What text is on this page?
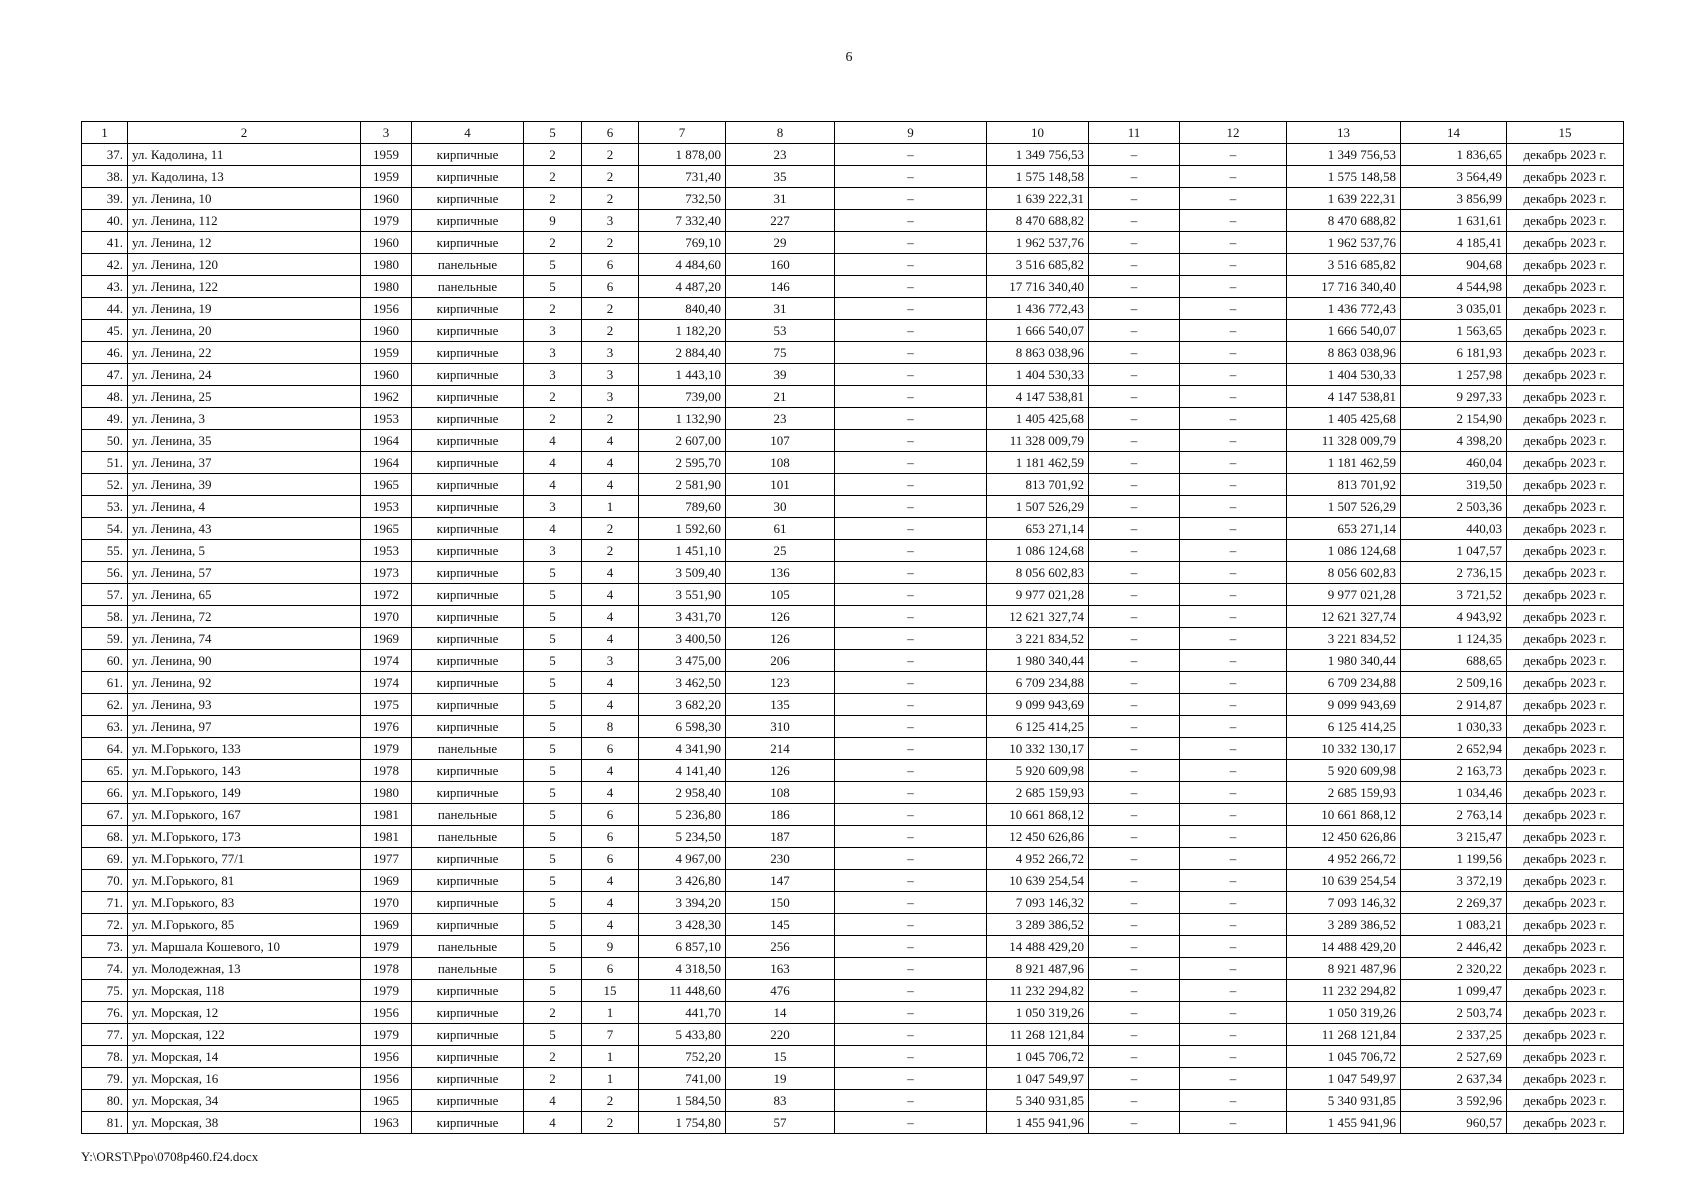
6
1	2	3	4	5	6	7	8	9	10	11	12	13	14	15
37.	ул. Кадолина, 11	1959	кирпичные	2	2	1 878,00	23	–	1 349 756,53	–	–	1 349 756,53	1 836,65	декабрь 2023 г.
38.	ул. Кадолина, 13	1959	кирпичные	2	2	731,40	35	–	1 575 148,58	–	–	1 575 148,58	3 564,49	декабрь 2023 г.
39.	ул. Ленина, 10	1960	кирпичные	2	2	732,50	31	–	1 639 222,31	–	–	1 639 222,31	3 856,99	декабрь 2023 г.
40.	ул. Ленина, 112	1979	кирпичные	9	3	7 332,40	227	–	8 470 688,82	–	–	8 470 688,82	1 631,61	декабрь 2023 г.
41.	ул. Ленина, 12	1960	кирпичные	2	2	769,10	29	–	1 962 537,76	–	–	1 962 537,76	4 185,41	декабрь 2023 г.
42.	ул. Ленина, 120	1980	панельные	5	6	4 484,60	160	–	3 516 685,82	–	–	3 516 685,82	904,68	декабрь 2023 г.
43.	ул. Ленина, 122	1980	панельные	5	6	4 487,20	146	–	17 716 340,40	–	–	17 716 340,40	4 544,98	декабрь 2023 г.
44.	ул. Ленина, 19	1956	кирпичные	2	2	840,40	31	–	1 436 772,43	–	–	1 436 772,43	3 035,01	декабрь 2023 г.
45.	ул. Ленина, 20	1960	кирпичные	3	2	1 182,20	53	–	1 666 540,07	–	–	1 666 540,07	1 563,65	декабрь 2023 г.
46.	ул. Ленина, 22	1959	кирпичные	3	3	2 884,40	75	–	8 863 038,96	–	–	8 863 038,96	6 181,93	декабрь 2023 г.
47.	ул. Ленина, 24	1960	кирпичные	3	3	1 443,10	39	–	1 404 530,33	–	–	1 404 530,33	1 257,98	декабрь 2023 г.
48.	ул. Ленина, 25	1962	кирпичные	2	3	739,00	21	–	4 147 538,81	–	–	4 147 538,81	9 297,33	декабрь 2023 г.
49.	ул. Ленина, 3	1953	кирпичные	2	2	1 132,90	23	–	1 405 425,68	–	–	1 405 425,68	2 154,90	декабрь 2023 г.
50.	ул. Ленина, 35	1964	кирпичные	4	4	2 607,00	107	–	11 328 009,79	–	–	11 328 009,79	4 398,20	декабрь 2023 г.
51.	ул. Ленина, 37	1964	кирпичные	4	4	2 595,70	108	–	1 181 462,59	–	–	1 181 462,59	460,04	декабрь 2023 г.
52.	ул. Ленина, 39	1965	кирпичные	4	4	2 581,90	101	–	813 701,92	–	–	813 701,92	319,50	декабрь 2023 г.
53.	ул. Ленина, 4	1953	кирпичные	3	1	789,60	30	–	1 507 526,29	–	–	1 507 526,29	2 503,36	декабрь 2023 г.
54.	ул. Ленина, 43	1965	кирпичные	4	2	1 592,60	61	–	653 271,14	–	–	653 271,14	440,03	декабрь 2023 г.
55.	ул. Ленина, 5	1953	кирпичные	3	2	1 451,10	25	–	1 086 124,68	–	–	1 086 124,68	1 047,57	декабрь 2023 г.
56.	ул. Ленина, 57	1973	кирпичные	5	4	3 509,40	136	–	8 056 602,83	–	–	8 056 602,83	2 736,15	декабрь 2023 г.
57.	ул. Ленина, 65	1972	кирпичные	5	4	3 551,90	105	–	9 977 021,28	–	–	9 977 021,28	3 721,52	декабрь 2023 г.
58.	ул. Ленина, 72	1970	кирпичные	5	4	3 431,70	126	–	12 621 327,74	–	–	12 621 327,74	4 943,92	декабрь 2023 г.
59.	ул. Ленина, 74	1969	кирпичные	5	4	3 400,50	126	–	3 221 834,52	–	–	3 221 834,52	1 124,35	декабрь 2023 г.
60.	ул. Ленина, 90	1974	кирпичные	5	3	3 475,00	206	–	1 980 340,44	–	–	1 980 340,44	688,65	декабрь 2023 г.
61.	ул. Ленина, 92	1974	кирпичные	5	4	3 462,50	123	–	6 709 234,88	–	–	6 709 234,88	2 509,16	декабрь 2023 г.
62.	ул. Ленина, 93	1975	кирпичные	5	4	3 682,20	135	–	9 099 943,69	–	–	9 099 943,69	2 914,87	декабрь 2023 г.
63.	ул. Ленина, 97	1976	кирпичные	5	8	6 598,30	310	–	6 125 414,25	–	–	6 125 414,25	1 030,33	декабрь 2023 г.
64.	ул. М.Горького, 133	1979	панельные	5	6	4 341,90	214	–	10 332 130,17	–	–	10 332 130,17	2 652,94	декабрь 2023 г.
65.	ул. М.Горького, 143	1978	кирпичные	5	4	4 141,40	126	–	5 920 609,98	–	–	5 920 609,98	2 163,73	декабрь 2023 г.
66.	ул. М.Горького, 149	1980	кирпичные	5	4	2 958,40	108	–	2 685 159,93	–	–	2 685 159,93	1 034,46	декабрь 2023 г.
67.	ул. М.Горького, 167	1981	панельные	5	6	5 236,80	186	–	10 661 868,12	–	–	10 661 868,12	2 763,14	декабрь 2023 г.
68.	ул. М.Горького, 173	1981	панельные	5	6	5 234,50	187	–	12 450 626,86	–	–	12 450 626,86	3 215,47	декабрь 2023 г.
69.	ул. М.Горького, 77/1	1977	кирпичные	5	6	4 967,00	230	–	4 952 266,72	–	–	4 952 266,72	1 199,56	декабрь 2023 г.
70.	ул. М.Горького, 81	1969	кирпичные	5	4	3 426,80	147	–	10 639 254,54	–	–	10 639 254,54	3 372,19	декабрь 2023 г.
71.	ул. М.Горького, 83	1970	кирпичные	5	4	3 394,20	150	–	7 093 146,32	–	–	7 093 146,32	2 269,37	декабрь 2023 г.
72.	ул. М.Горького, 85	1969	кирпичные	5	4	3 428,30	145	–	3 289 386,52	–	–	3 289 386,52	1 083,21	декабрь 2023 г.
73.	ул. Маршала Кошевого, 10	1979	панельные	5	9	6 857,10	256	–	14 488 429,20	–	–	14 488 429,20	2 446,42	декабрь 2023 г.
74.	ул. Молодежная, 13	1978	панельные	5	6	4 318,50	163	–	8 921 487,96	–	–	8 921 487,96	2 320,22	декабрь 2023 г.
75.	ул. Морская, 118	1979	кирпичные	5	15	11 448,60	476	–	11 232 294,82	–	–	11 232 294,82	1 099,47	декабрь 2023 г.
76.	ул. Морская, 12	1956	кирпичные	2	1	441,70	14	–	1 050 319,26	–	–	1 050 319,26	2 503,74	декабрь 2023 г.
77.	ул. Морская, 122	1979	кирпичные	5	7	5 433,80	220	–	11 268 121,84	–	–	11 268 121,84	2 337,25	декабрь 2023 г.
78.	ул. Морская, 14	1956	кирпичные	2	1	752,20	15	–	1 045 706,72	–	–	1 045 706,72	2 527,69	декабрь 2023 г.
79.	ул. Морская, 16	1956	кирпичные	2	1	741,00	19	–	1 047 549,97	–	–	1 047 549,97	2 637,34	декабрь 2023 г.
80.	ул. Морская, 34	1965	кирпичные	4	2	1 584,50	83	–	5 340 931,85	–	–	5 340 931,85	3 592,96	декабрь 2023 г.
81.	ул. Морская, 38	1963	кирпичные	4	2	1 754,80	57	–	1 455 941,96	–	–	1 455 941,96	960,57	декабрь 2023 г.
Y:\ORST\Ppo\0708p460.f24.docx
